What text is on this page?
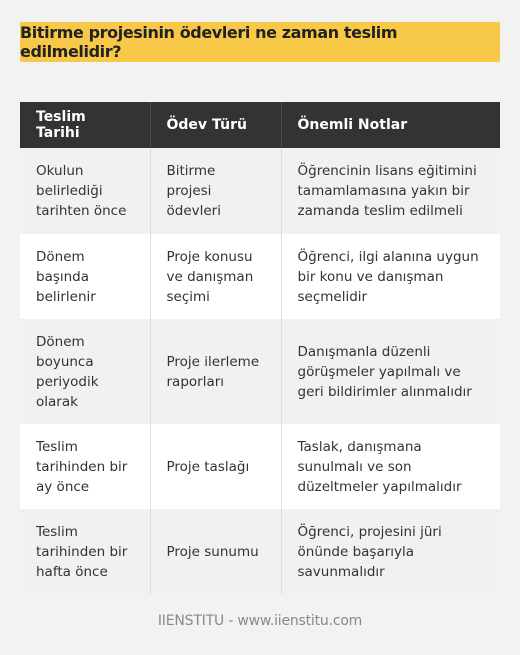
Bitirme projesinin ödevleri ne zaman teslim edilmelidir?
Teslim Tarihi	Ödev Türü	Önemli Notlar
Okulun belirlediği tarihten önce	Bitirme projesi ödevleri	Öğrencinin lisans eğitimini tamamlamasına yakın bir zamanda teslim edilmeli
Dönem başında belirlenir	Proje konusu ve danışman seçimi	Öğrenci, ilgi alanına uygun bir konu ve danışman seçmelidir
Dönem boyunca periyodik olarak	Proje ilerleme raporları	Danışmanla düzenli görüşmeler yapılmalı ve geri bildirimler alınmalıdır
Teslim tarihinden bir ay önce	Proje taslağı	Taslak, danışmana sunulmalı ve son düzeltmeler yapılmalıdır
Teslim tarihinden bir hafta önce	Proje sunumu	Öğrenci, projesini jüri önünde başarıyla savunmalıdır
IIENSTITU - www.iienstitu.com
